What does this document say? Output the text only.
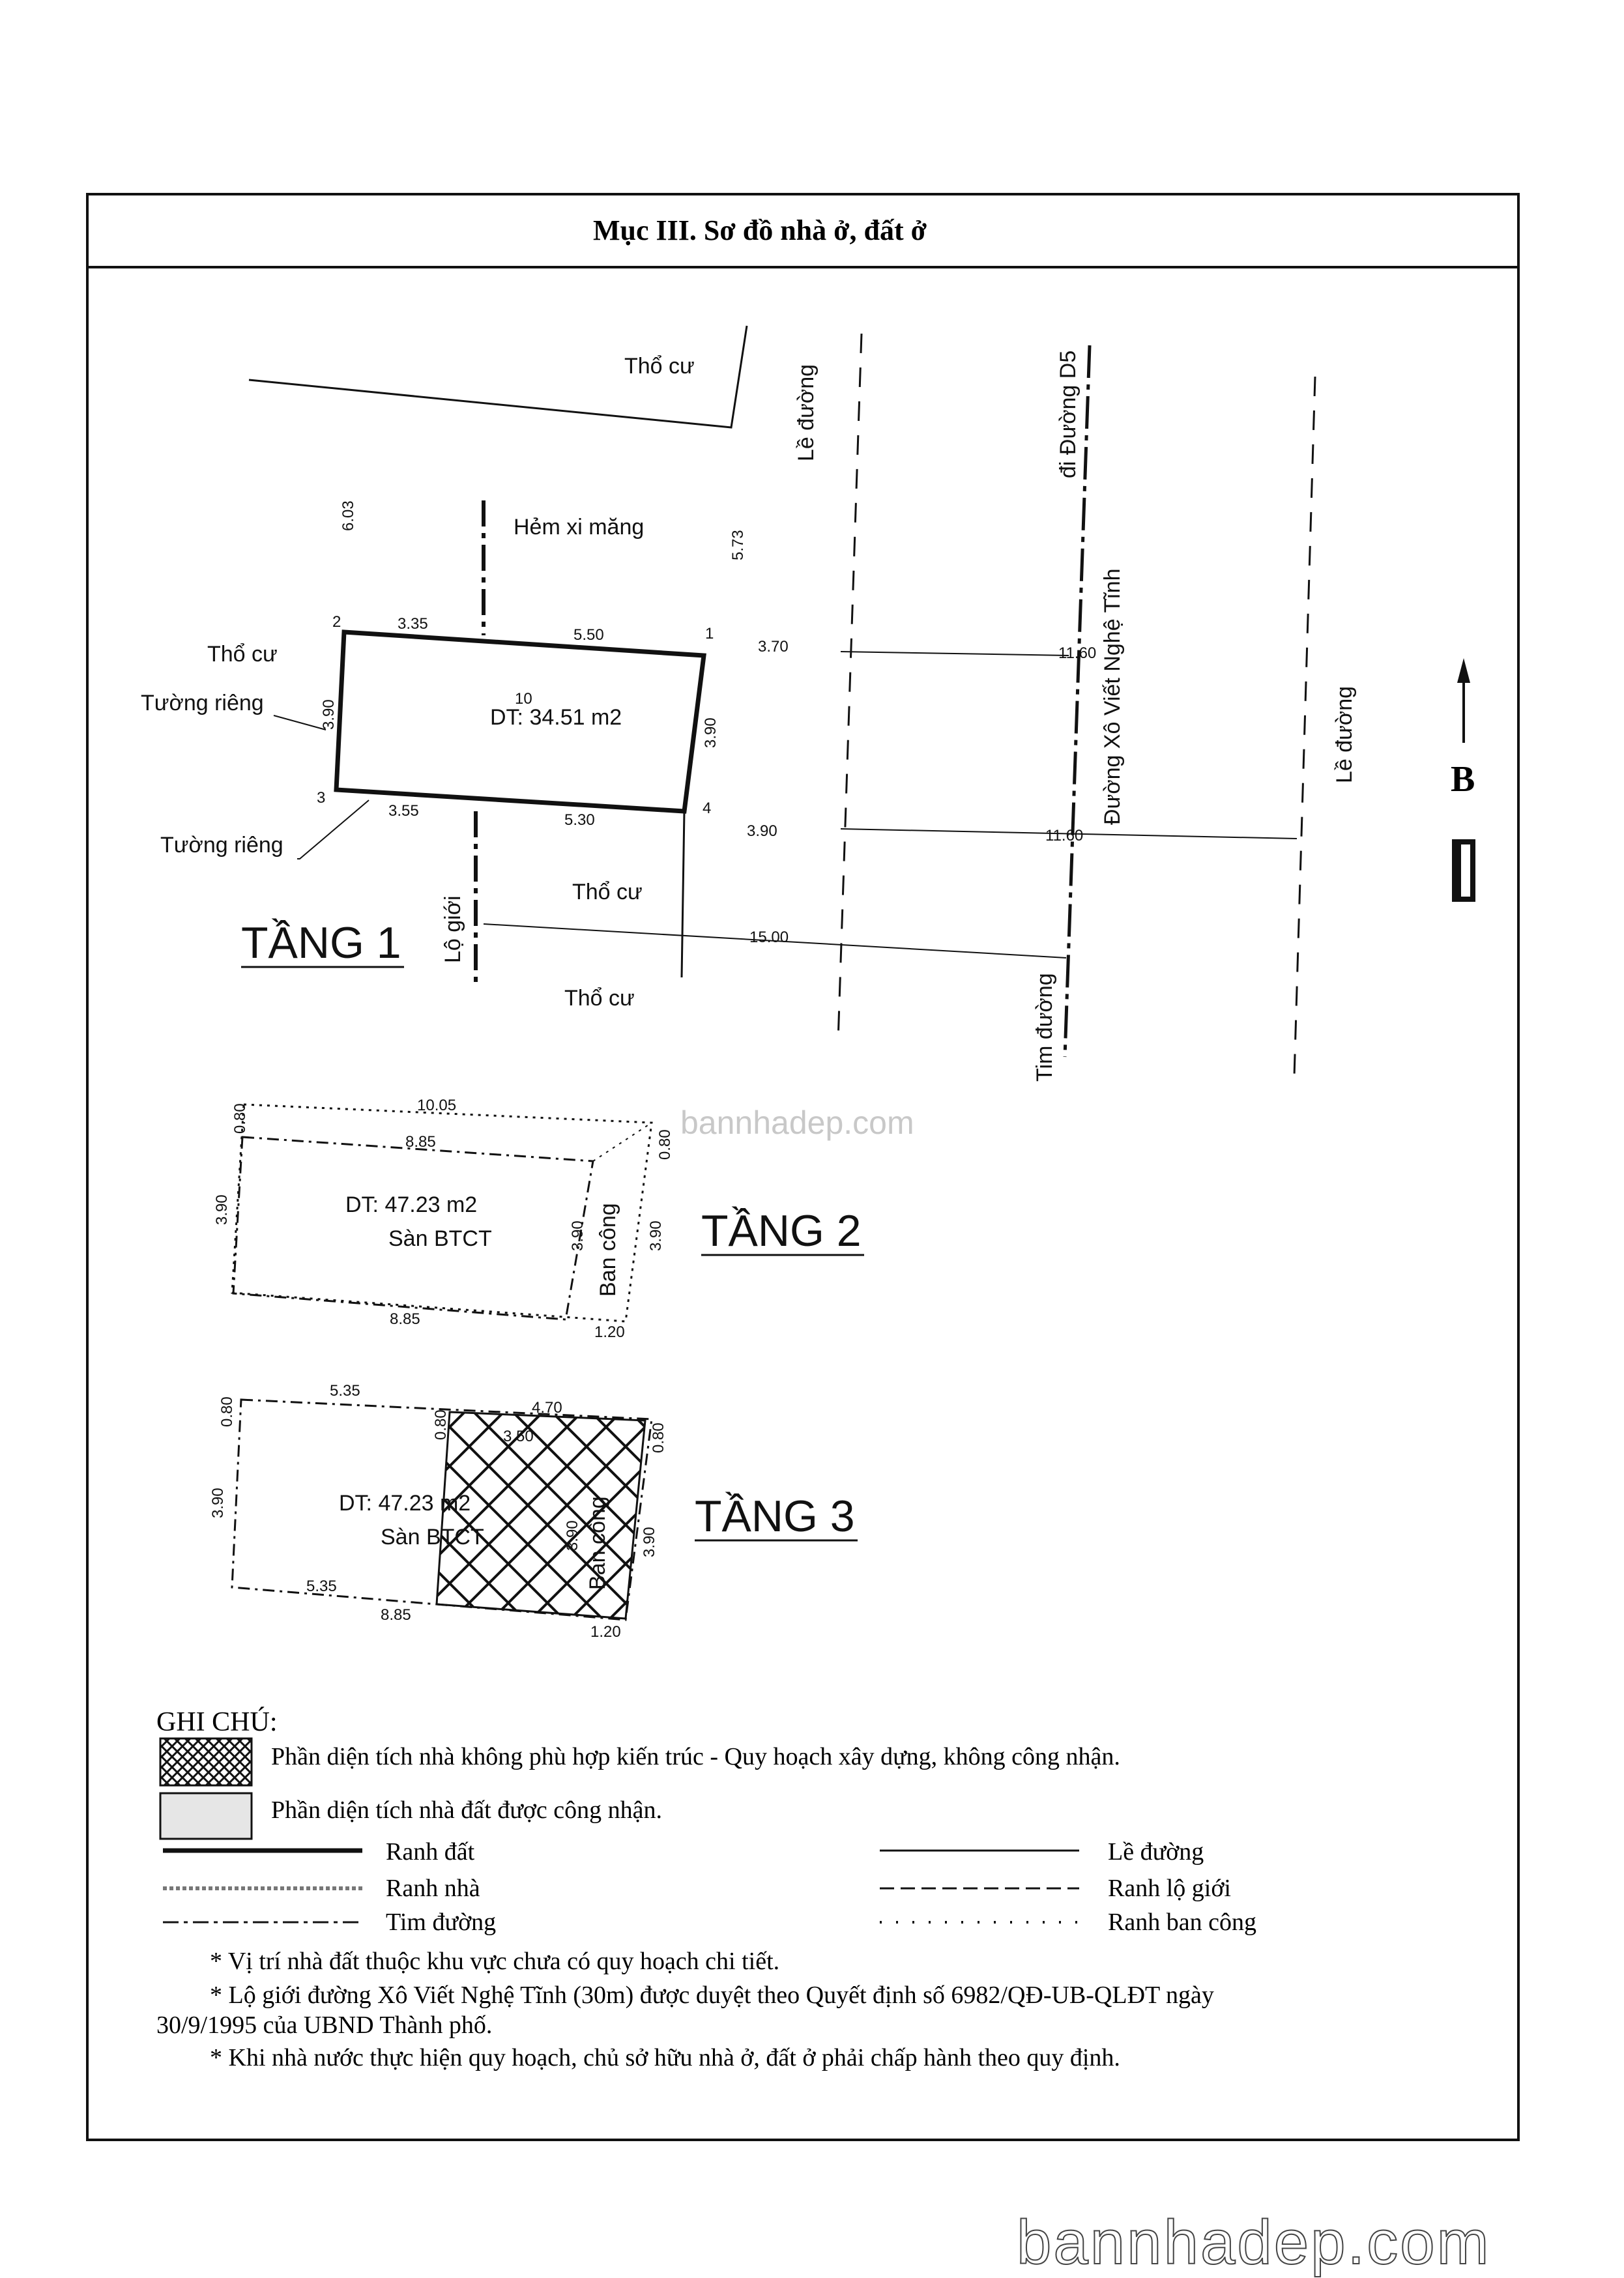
Mục III. Sơ đồ nhà ở, đất ở
Thổ cư
Hẻm xi măng
6.03
5.73
2
1
3
4
3.35
5.50
3.70
3.90
3.90
3.55
5.30
3.90
10
DT: 34.51 m2
Thổ cư
Tường riêng
Tường riêng
Thổ cư
Thổ cư
Lộ giới	15.00
Lề đường	đi Đường D5
Đường Xô Viết Nghệ Tĩnh	Lề đường
Tim đường
11.60
11.60
TẦNG 1
B
bannhadep.com
10.05
8.85
8.85
0.80
0.80
3.90
3.90	3.90
1.20
DT: 47.23 m2
Sàn BTCT	Ban công TẦNG 2
5.35
4.70
3.50
5.35
8.85
0.80	0.80	0.80
3.90
3.90	3.90
1.20
DT: 47.23 m2
Sàn BTCT	Ban công TẦNG 3
GHI CHÚ:
Phần diện tích nhà không phù hợp kiến trúc - Quy hoạch xây dựng, không công nhận.
Phần diện tích nhà đất được công nhận.
Ranh đất
Ranh nhà
Tim đường
Lề đường
Ranh lộ giới
Ranh ban công
* Vị trí nhà đất thuộc khu vực chưa có quy hoạch chi tiết.
* Lộ giới đường Xô Viết Nghệ Tĩnh (30m) được duyệt theo Quyết định số 6982/QĐ-UB-QLĐT ngày
30/9/1995 của UBND Thành phố.
* Khi nhà nước thực hiện quy hoạch, chủ sở hữu nhà ở, đất ở phải chấp hành theo quy định.
bannhadep.com
